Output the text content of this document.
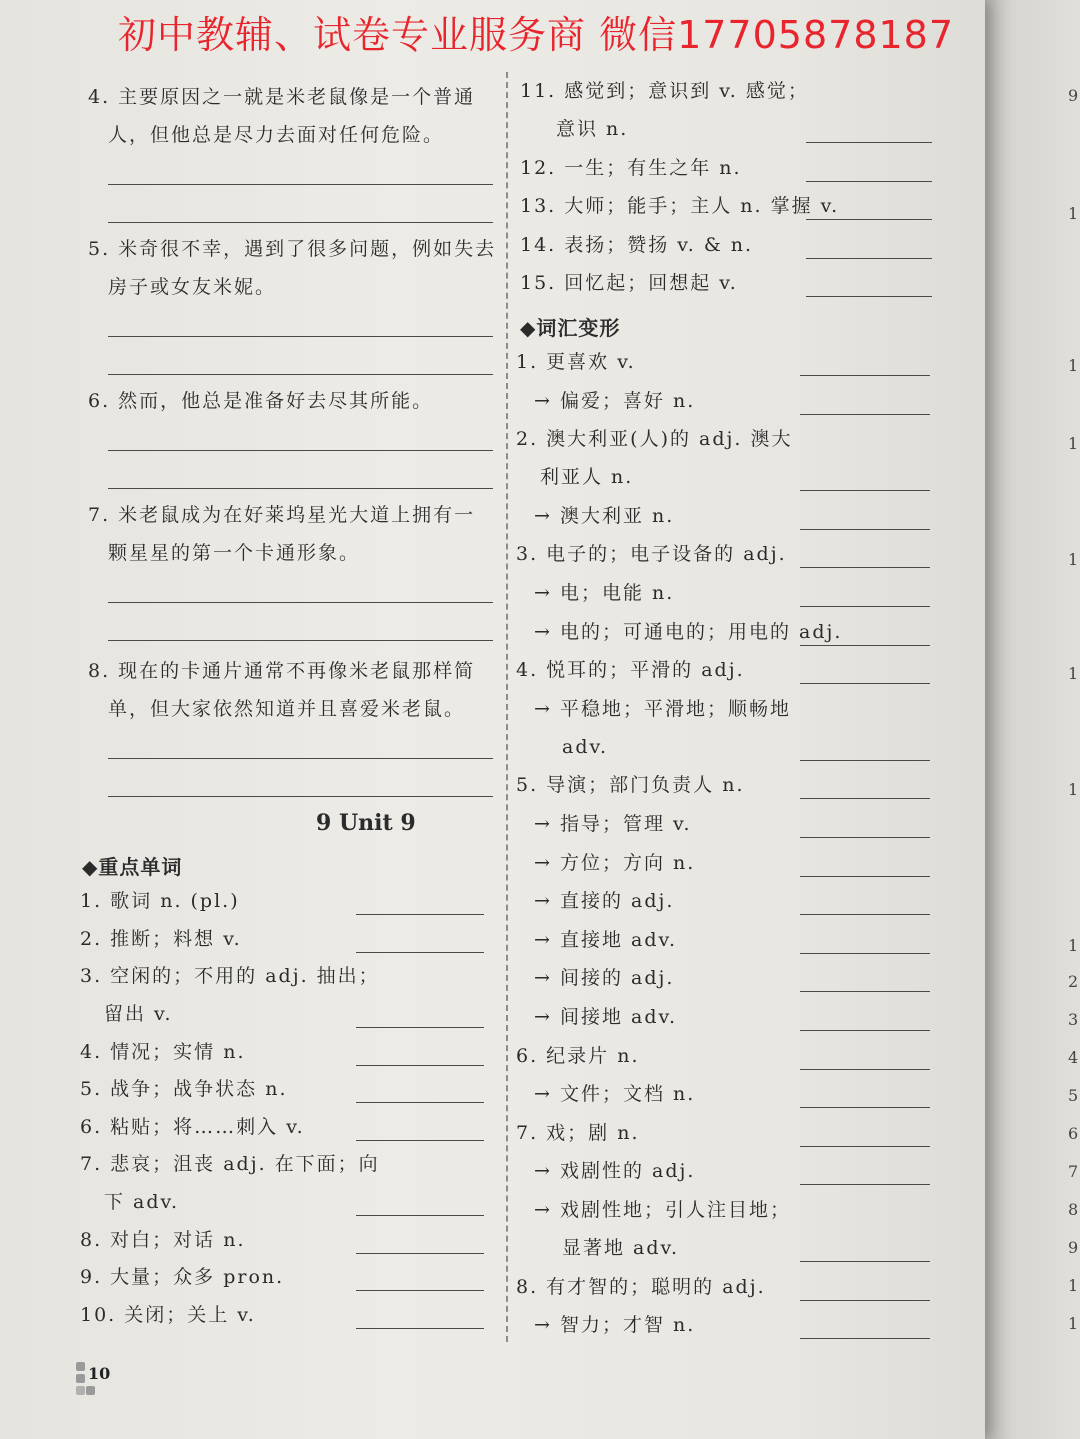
9
1
1
1
1
1
1
1
2
3
4
5
6
7
8
9
1
1
初中教辅、试卷专业服务商 微信17705878187
4. 主要原因之一就是米老鼠像是一个普通
人，但他总是尽力去面对任何危险。
5. 米奇很不幸，遇到了很多问题，例如失去
房子或女友米妮。
6. 然而，他总是准备好去尽其所能。
7. 米老鼠成为在好莱坞星光大道上拥有一
颗星星的第一个卡通形象。
8. 现在的卡通片通常不再像米老鼠那样简
单，但大家依然知道并且喜爱米老鼠。
9 Unit 9
◆重点单词
1. 歌词 n. (pl.)
2. 推断；料想 v.
3. 空闲的；不用的 adj. 抽出；
留出 v.
4. 情况；实情 n.
5. 战争；战争状态 n.
6. 粘贴；将……刺入 v.
7. 悲哀；沮丧 adj. 在下面；向
下 adv.
8. 对白；对话 n.
9. 大量；众多 pron.
10. 关闭；关上 v.
11. 感觉到；意识到 v. 感觉；
意识 n.
12. 一生；有生之年 n.
13. 大师；能手；主人 n. 掌握 v.
14. 表扬；赞扬 v. & n.
15. 回忆起；回想起 v.
◆词汇变形
1. 更喜欢 v.
→ 偏爱；喜好 n.
2. 澳大利亚(人)的 adj. 澳大
利亚人 n.
→ 澳大利亚 n.
3. 电子的；电子设备的 adj.
→ 电；电能 n.
→ 电的；可通电的；用电的 adj.
4. 悦耳的；平滑的 adj.
→ 平稳地；平滑地；顺畅地
adv.
5. 导演；部门负责人 n.
→ 指导；管理 v.
→ 方位；方向 n.
→ 直接的 adj.
→ 直接地 adv.
→ 间接的 adj.
→ 间接地 adv.
6. 纪录片 n.
→ 文件；文档 n.
7. 戏；剧 n.
→ 戏剧性的 adj.
→ 戏剧性地；引人注目地；
显著地 adv.
8. 有才智的；聪明的 adj.
→ 智力；才智 n.
10
